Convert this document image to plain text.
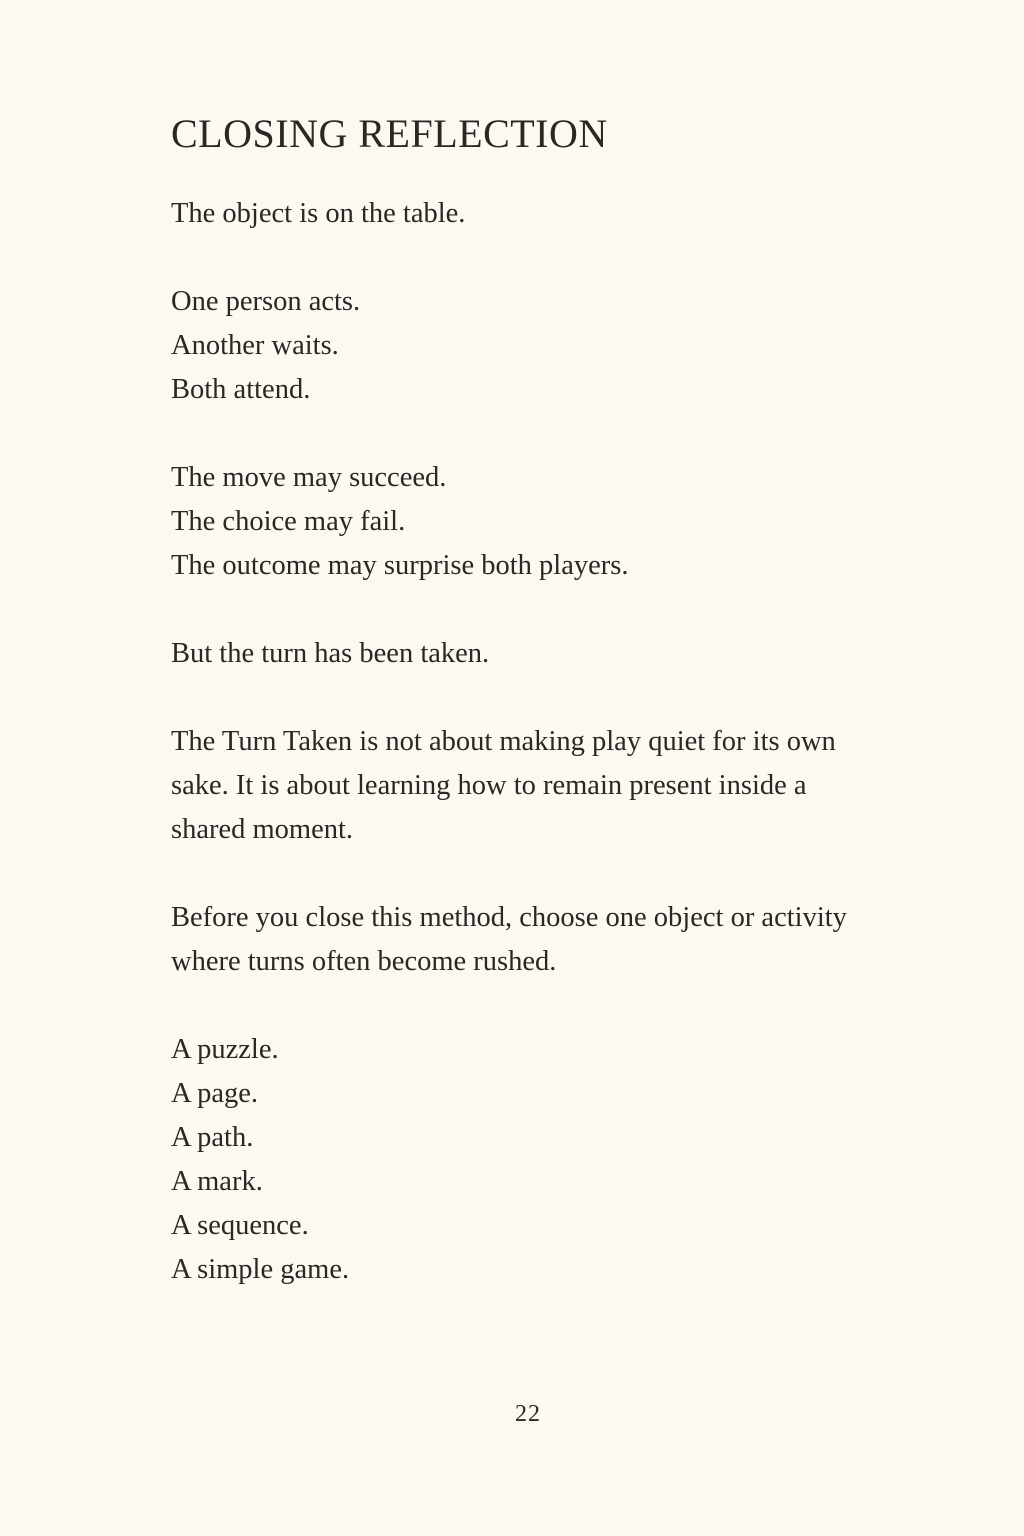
CLOSING REFLECTION

The object is on the table.

One person acts.
Another waits.
Both attend.

The move may succeed.
The choice may fail.
The outcome may surprise both players.

But the turn has been taken.

The Turn Taken is not about making play quiet for its own
sake. It is about learning how to remain present inside a
shared moment.

Before you close this method, choose one object or activity
where turns often become rushed.

A puzzle.
A page.
A path.
A mark.
A sequence.
A simple game.

22
